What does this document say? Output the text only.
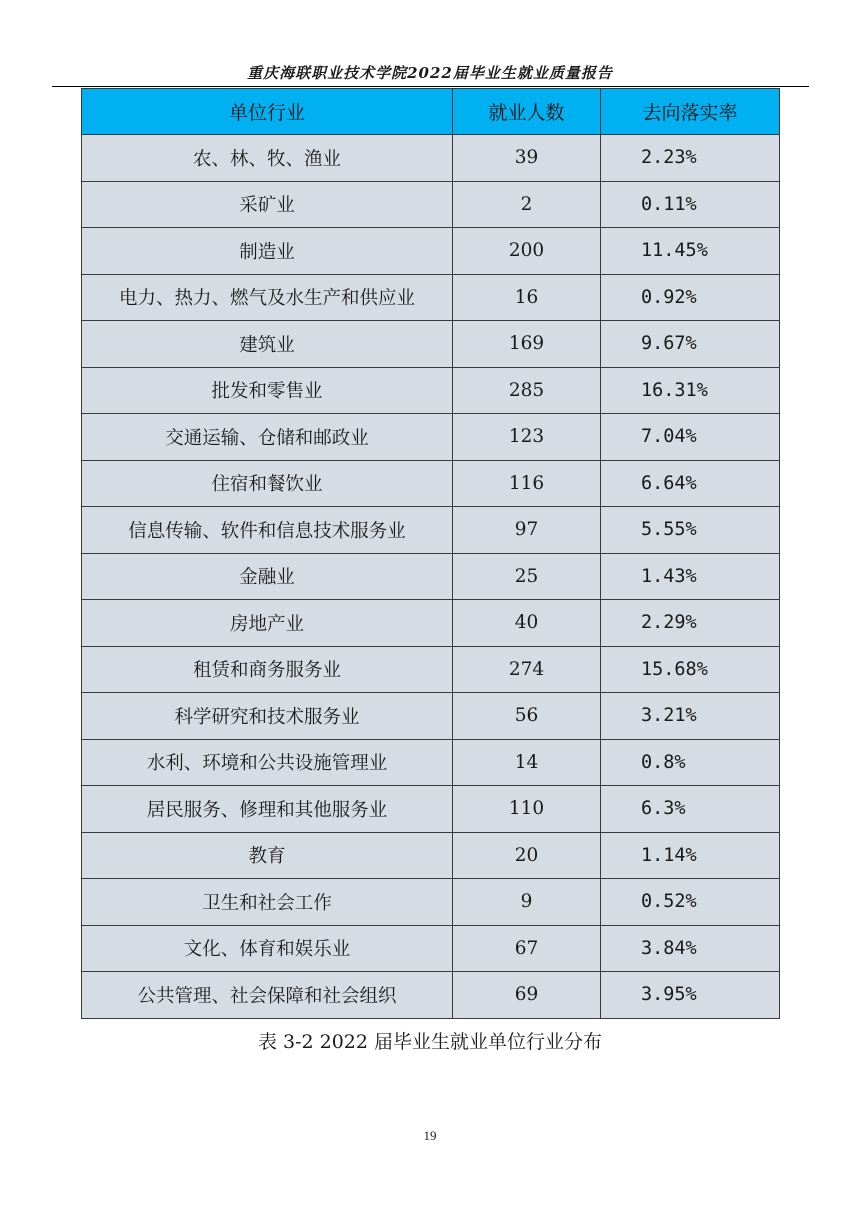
重庆海联职业技术学院2022届毕业生就业质量报告
单位行业	就业人数	去向落实率
农、林、牧、渔业	39	2.23%
采矿业	2	0.11%
制造业	200	11.45%
电力、热力、燃气及水生产和供应业	16	0.92%
建筑业	169	9.67%
批发和零售业	285	16.31%
交通运输、仓储和邮政业	123	7.04%
住宿和餐饮业	116	6.64%
信息传输、软件和信息技术服务业	97	5.55%
金融业	25	1.43%
房地产业	40	2.29%
租赁和商务服务业	274	15.68%
科学研究和技术服务业	56	3.21%
水利、环境和公共设施管理业	14	0.8%
居民服务、修理和其他服务业	110	6.3%
教育	20	1.14%
卫生和社会工作	9	0.52%
文化、体育和娱乐业	67	3.84%
公共管理、社会保障和社会组织	69	3.95%
表 3-2 2022 届毕业生就业单位行业分布
19
